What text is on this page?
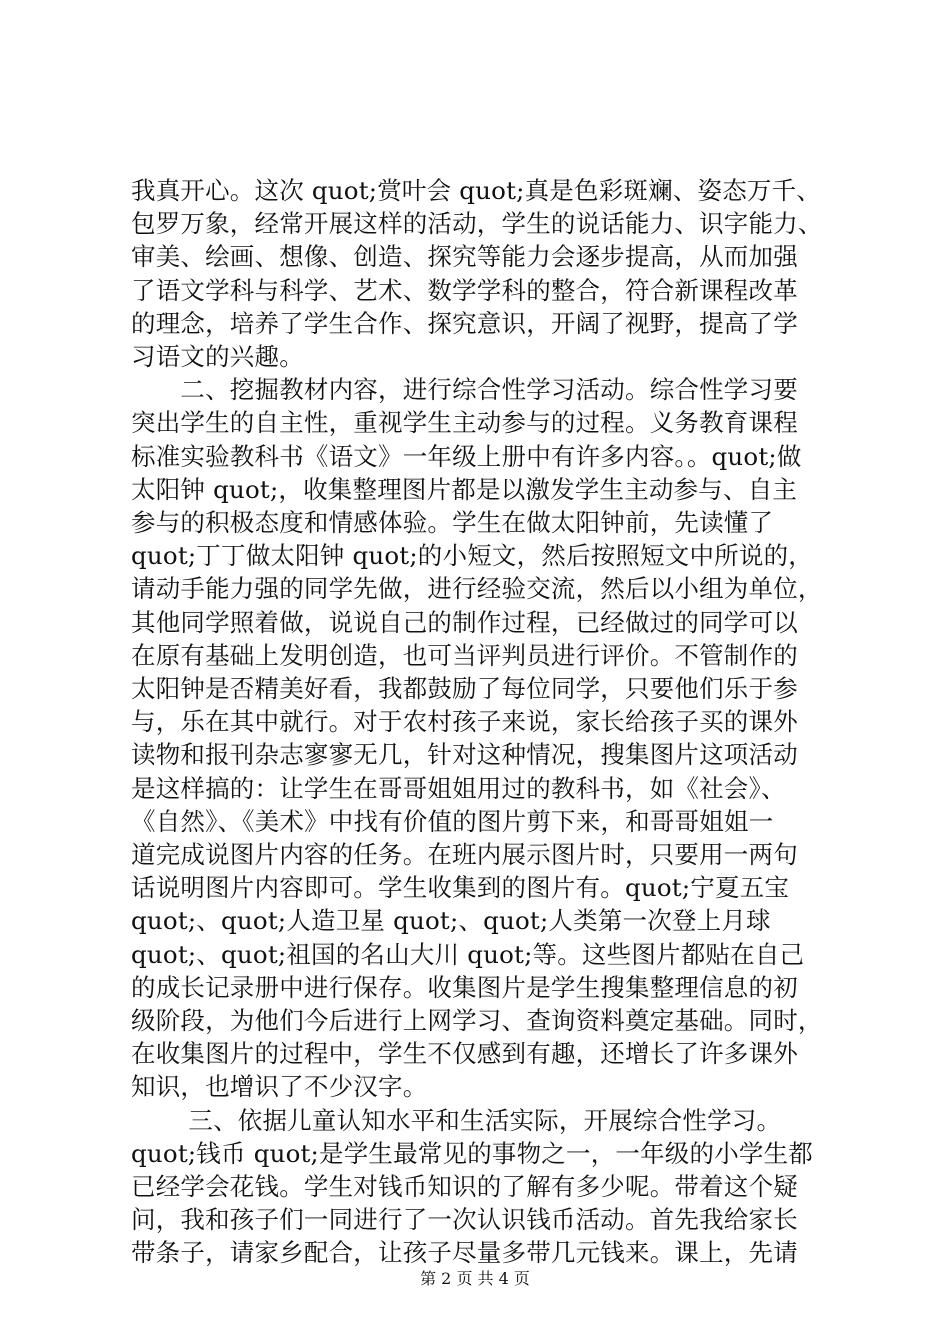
我真开心。这次 quot;赏叶会 quot;真是色彩斑斓、姿态万千、
包罗万象，经常开展这样的活动，学生的说话能力、识字能力、
审美、绘画、想像、创造、探究等能力会逐步提高，从而加强
了语文学科与科学、艺术、数学学科的整合，符合新课程改革
的理念，培养了学生合作、探究意识，开阔了视野，提高了学
习语文的兴趣。
　　二、挖掘教材内容，进行综合性学习活动。综合性学习要
突出学生的自主性，重视学生主动参与的过程。义务教育课程
标准实验教科书《语文》一年级上册中有许多内容。。quot;做
太阳钟 quot;，收集整理图片都是以激发学生主动参与、自主
参与的积极态度和情感体验。学生在做太阳钟前，先读懂了
quot;丁丁做太阳钟 quot;的小短文，然后按照短文中所说的，
请动手能力强的同学先做，进行经验交流，然后以小组为单位，
其他同学照着做，说说自己的制作过程，已经做过的同学可以
在原有基础上发明创造，也可当评判员进行评价。不管制作的
太阳钟是否精美好看，我都鼓励了每位同学，只要他们乐于参
与，乐在其中就行。对于农村孩子来说，家长给孩子买的课外
读物和报刊杂志寥寥无几，针对这种情况，搜集图片这项活动
是这样搞的：让学生在哥哥姐姐用过的教科书，如《社会》、
《自然》、《美术》中找有价值的图片剪下来，和哥哥姐姐一
道完成说图片内容的任务。在班内展示图片时，只要用一两句
话说明图片内容即可。学生收集到的图片有。quot;宁夏五宝
quot;、quot;人造卫星 quot;、quot;人类第一次登上月球
quot;、quot;祖国的名山大川 quot;等。这些图片都贴在自己
的成长记录册中进行保存。收集图片是学生搜集整理信息的初
级阶段，为他们今后进行上网学习、查询资料奠定基础。同时，
在收集图片的过程中，学生不仅感到有趣，还增长了许多课外
知识，也增识了不少汉字。
　　 三、依据儿童认知水平和生活实际，开展综合性学习。
quot;钱币 quot;是学生最常见的事物之一，一年级的小学生都
已经学会花钱。学生对钱币知识的了解有多少呢。带着这个疑
问，我和孩子们一同进行了一次认识钱币活动。首先我给家长
带条子，请家乡配合，让孩子尽量多带几元钱来。课上，先请
第 2 页 共 4 页
